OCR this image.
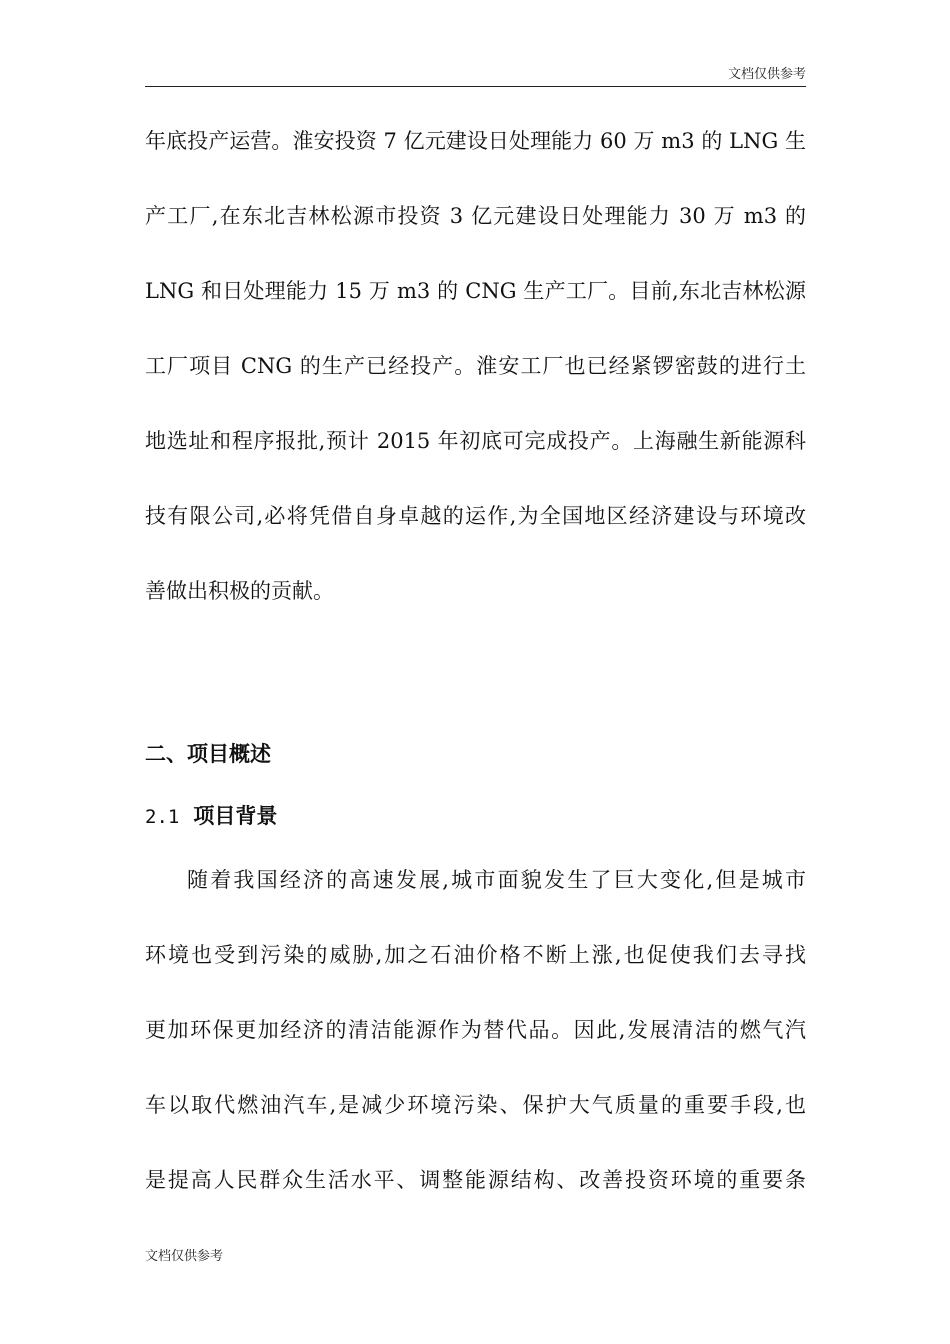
文档仅供参考
年底投产运营。淮安投资 7 亿元建设日处理能力 60 万 m3 的 LNG 生
产工厂,在东北吉林松源市投资 3 亿元建设日处理能力 30 万 m3 的
LNG 和日处理能力 15 万 m3 的 CNG 生产工厂。目前,东北吉林松源
工厂项目 CNG 的生产已经投产。淮安工厂也已经紧锣密鼓的进行土
地选址和程序报批,预计 2015 年初底可完成投产。上海融生新能源科
技有限公司,必将凭借自身卓越的运作,为全国地区经济建设与环境改
善做出积极的贡献。
二、项目概述
2.1 项目背景
随着我国经济的高速发展,城市面貌发生了巨大变化,但是城市
环境也受到污染的威胁,加之石油价格不断上涨,也促使我们去寻找
更加环保更加经济的清洁能源作为替代品。因此,发展清洁的燃气汽
车以取代燃油汽车,是减少环境污染、保护大气质量的重要手段,也
是提高人民群众生活水平、调整能源结构、改善投资环境的重要条
文档仅供参考
